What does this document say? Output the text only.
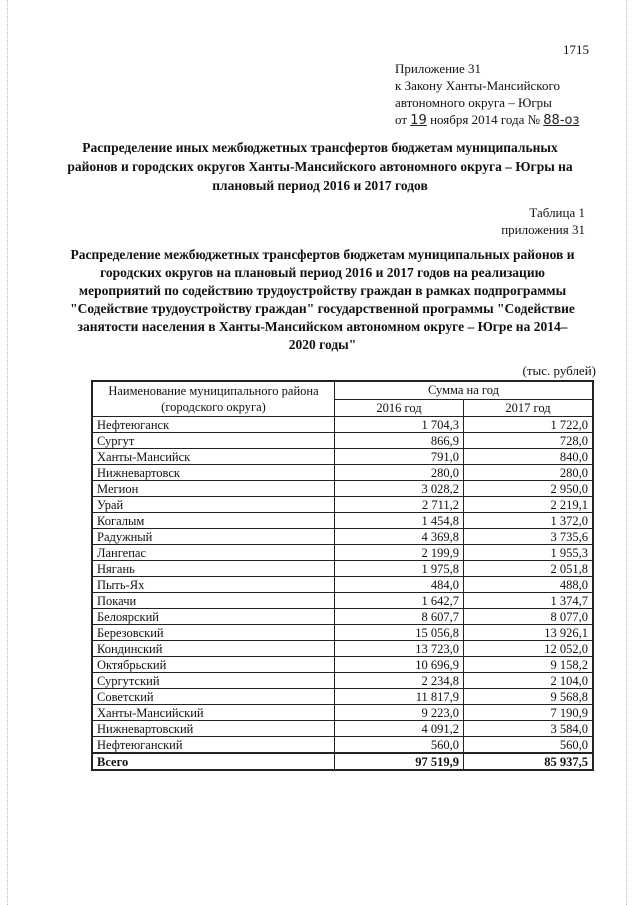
1715
Приложение 31
к Закону Ханты-Мансийского
автономного округа – Югры
от 19 ноября 2014 года № 88-оз
Распределение иных межбюджетных трансфертов бюджетам муниципальных районов и городских округов Ханты-Мансийского автономного округа – Югры на плановый период 2016 и 2017 годов
Таблица 1
приложения 31
Распределение межбюджетных трансфертов бюджетам муниципальных районов и городских округов на плановый период 2016 и 2017 годов на реализацию мероприятий по содействию трудоустройству граждан в рамках подпрограммы "Содействие трудоустройству граждан" государственной программы "Содействие занятости населения в Ханты-Мансийском автономном округе – Югре на 2014–2020 годы"
(тыс. рублей)
Наименование муниципального района (городского округа)	Сумма на год	
	2016 год	2017 год
Нефтеюганск	1 704,3	1 722,0
Сургут	866,9	728,0
Ханты-Мансийск	791,0	840,0
Нижневартовск	280,0	280,0
Мегион	3 028,2	2 950,0
Урай	2 711,2	2 219,1
Когалым	1 454,8	1 372,0
Радужный	4 369,8	3 735,6
Лангепас	2 199,9	1 955,3
Нягань	1 975,8	2 051,8
Пыть-Ях	484,0	488,0
Покачи	1 642,7	1 374,7
Белоярский	8 607,7	8 077,0
Березовский	15 056,8	13 926,1
Кондинский	13 723,0	12 052,0
Октябрьский	10 696,9	9 158,2
Сургутский	2 234,8	2 104,0
Советский	11 817,9	9 568,8
Ханты-Мансийский	9 223,0	7 190,9
Нижневартовский	4 091,2	3 584,0
Нефтеюганский	560,0	560,0
Всего	97 519,9	85 937,5
